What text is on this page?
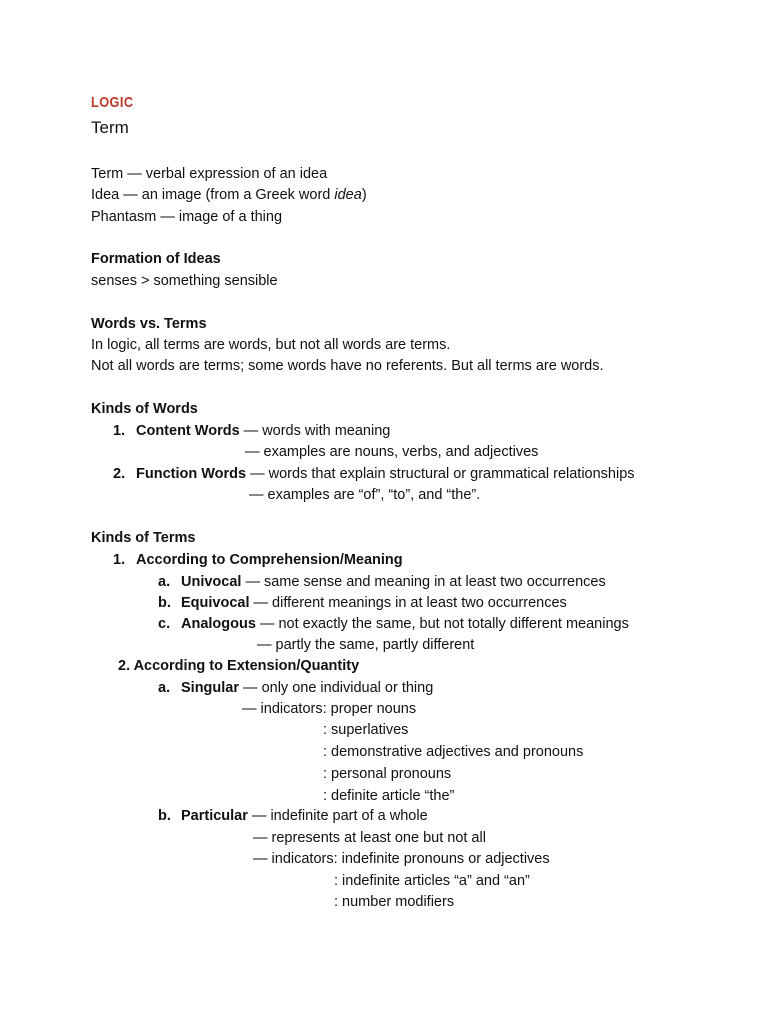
LOGIC
Term
Term — verbal expression of an idea
Idea — an image (from a Greek word idea)
Phantasm — image of a thing
Formation of Ideas
senses > something sensible
Words vs. Terms
In logic, all terms are words, but not all words are terms.
Not all words are terms; some words have no referents. But all terms are words.
Kinds of Words
1. Content Words — words with meaning
— examples are nouns, verbs, and adjectives
2. Function Words — words that explain structural or grammatical relationships
— examples are “of”, “to”, and “the”.
Kinds of Terms
1. According to Comprehension/Meaning
a. Univocal — same sense and meaning in at least two occurrences
b. Equivocal — different meanings in at least two occurrences
c. Analogous — not exactly the same, but not totally different meanings
— partly the same, partly different
2. According to Extension/Quantity
a. Singular — only one individual or thing
— indicators: proper nouns
: superlatives
: demonstrative adjectives and pronouns
: personal pronouns
: definite article “the”
b. Particular — indefinite part of a whole
— represents at least one but not all
— indicators: indefinite pronouns or adjectives
: indefinite articles “a” and “an”
: number modifiers
